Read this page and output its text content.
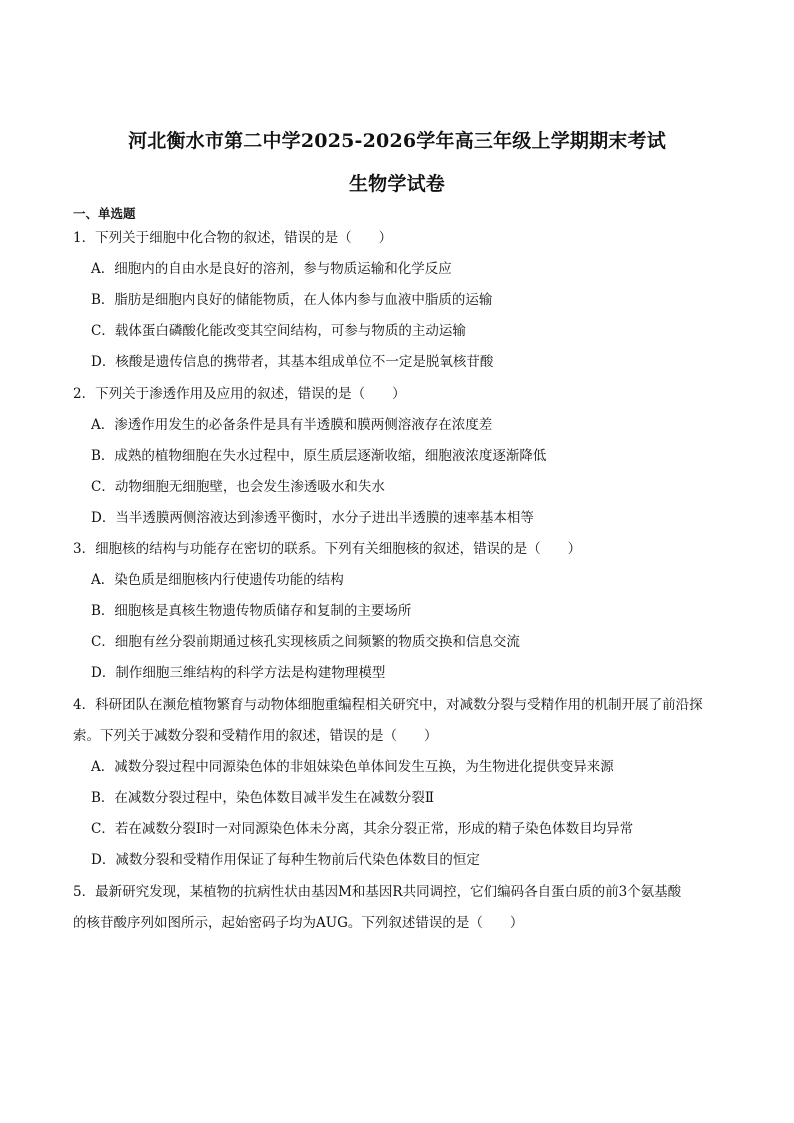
河北衡水市第二中学2025-2026学年高三年级上学期期末考试
生物学试卷
一、单选题
1．下列关于细胞中化合物的叙述，错误的是（　　）
A．细胞内的自由水是良好的溶剂，参与物质运输和化学反应
B．脂肪是细胞内良好的储能物质，在人体内参与血液中脂质的运输
C．载体蛋白磷酸化能改变其空间结构，可参与物质的主动运输
D．核酸是遗传信息的携带者，其基本组成单位不一定是脱氧核苷酸
2．下列关于渗透作用及应用的叙述，错误的是（　　）
A．渗透作用发生的必备条件是具有半透膜和膜两侧溶液存在浓度差
B．成熟的植物细胞在失水过程中，原生质层逐渐收缩，细胞液浓度逐渐降低
C．动物细胞无细胞壁，也会发生渗透吸水和失水
D．当半透膜两侧溶液达到渗透平衡时，水分子进出半透膜的速率基本相等
3．细胞核的结构与功能存在密切的联系。下列有关细胞核的叙述，错误的是（　　）
A．染色质是细胞核内行使遗传功能的结构
B．细胞核是真核生物遗传物质储存和复制的主要场所
C．细胞有丝分裂前期通过核孔实现核质之间频繁的物质交换和信息交流
D．制作细胞三维结构的科学方法是构建物理模型
4．科研团队在濒危植物繁育与动物体细胞重编程相关研究中，对减数分裂与受精作用的机制开展了前沿探
索。下列关于减数分裂和受精作用的叙述，错误的是（　　）
A．减数分裂过程中同源染色体的非姐妹染色单体间发生互换，为生物进化提供变异来源
B．在减数分裂过程中，染色体数目减半发生在减数分裂Ⅱ
C．若在减数分裂Ⅰ时一对同源染色体未分离，其余分裂正常，形成的精子染色体数目均异常
D．减数分裂和受精作用保证了每种生物前后代染色体数目的恒定
5．最新研究发现，某植物的抗病性状由基因M和基因R共同调控，它们编码各自蛋白质的前3个氨基酸
的核苷酸序列如图所示，起始密码子均为AUG。下列叙述错误的是（　　）
